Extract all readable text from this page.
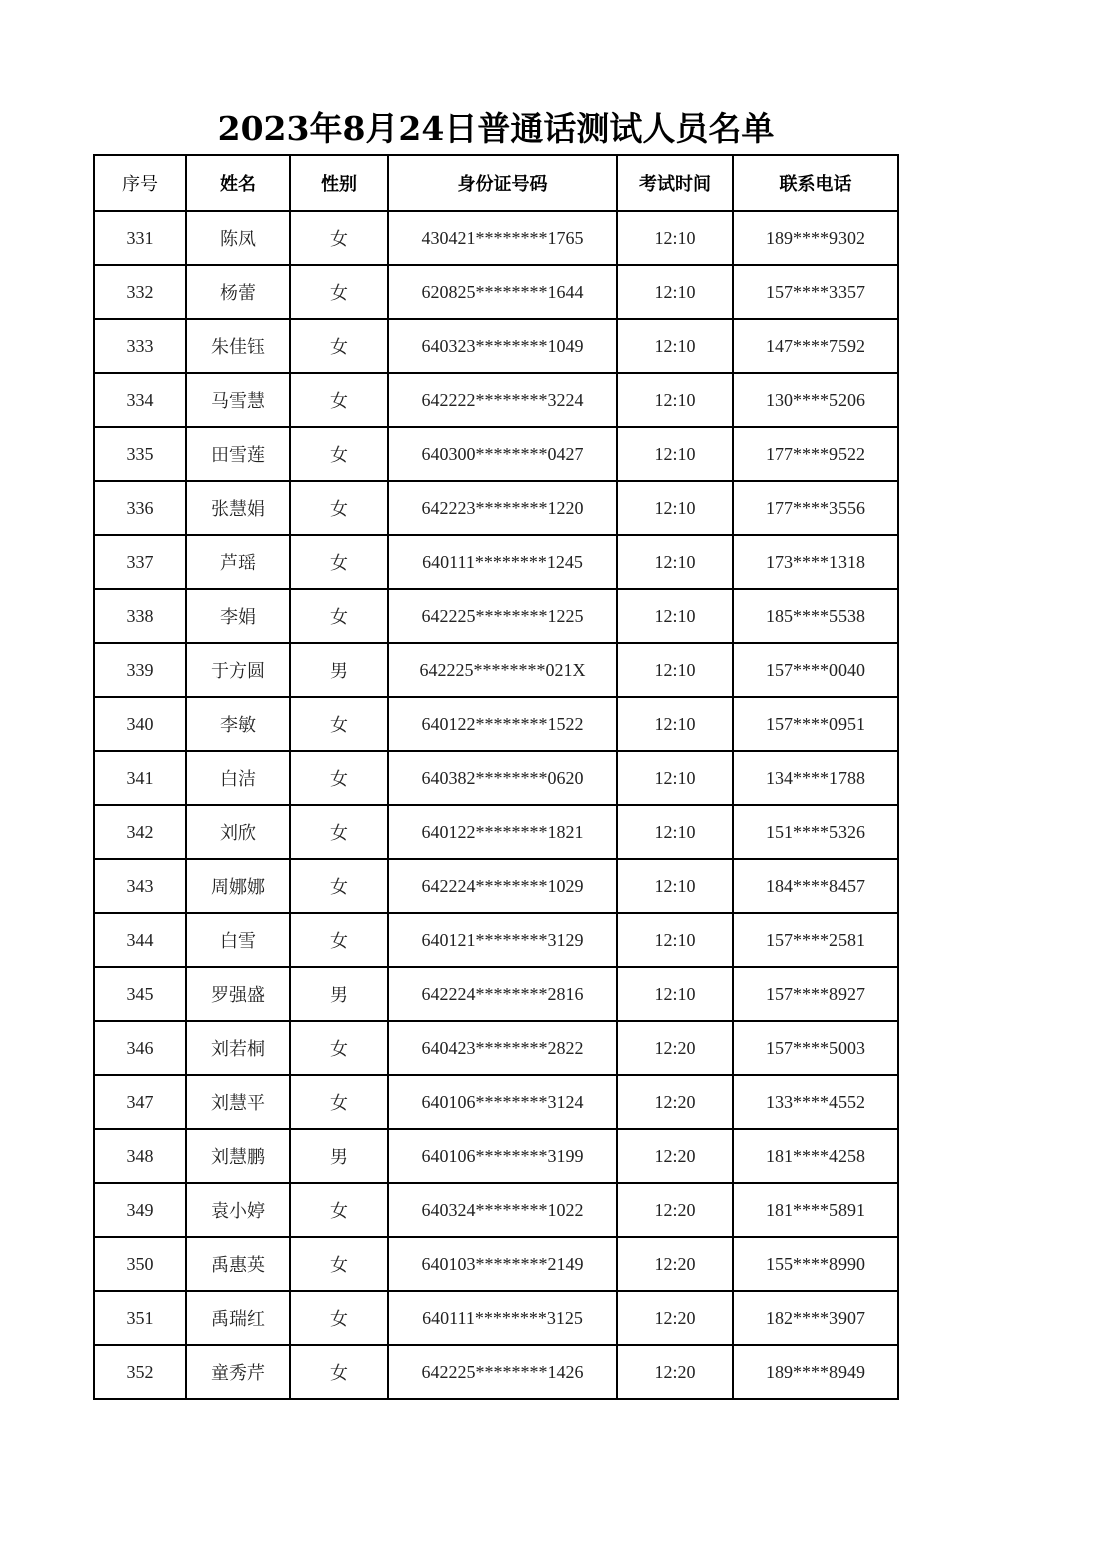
2023年8月24日普通话测试人员名单
序号	姓名	性别	身份证号码	考试时间	联系电话
331	陈凤	女	430421********1765	12:10	189****9302
332	杨蕾	女	620825********1644	12:10	157****3357
333	朱佳钰	女	640323********1049	12:10	147****7592
334	马雪慧	女	642222********3224	12:10	130****5206
335	田雪莲	女	640300********0427	12:10	177****9522
336	张慧娟	女	642223********1220	12:10	177****3556
337	芦瑶	女	640111********1245	12:10	173****1318
338	李娟	女	642225********1225	12:10	185****5538
339	于方圆	男	642225********021X	12:10	157****0040
340	李敏	女	640122********1522	12:10	157****0951
341	白洁	女	640382********0620	12:10	134****1788
342	刘欣	女	640122********1821	12:10	151****5326
343	周娜娜	女	642224********1029	12:10	184****8457
344	白雪	女	640121********3129	12:10	157****2581
345	罗强盛	男	642224********2816	12:10	157****8927
346	刘若桐	女	640423********2822	12:20	157****5003
347	刘慧平	女	640106********3124	12:20	133****4552
348	刘慧鹏	男	640106********3199	12:20	181****4258
349	袁小婷	女	640324********1022	12:20	181****5891
350	禹惠英	女	640103********2149	12:20	155****8990
351	禹瑞红	女	640111********3125	12:20	182****3907
352	童秀芹	女	642225********1426	12:20	189****8949
